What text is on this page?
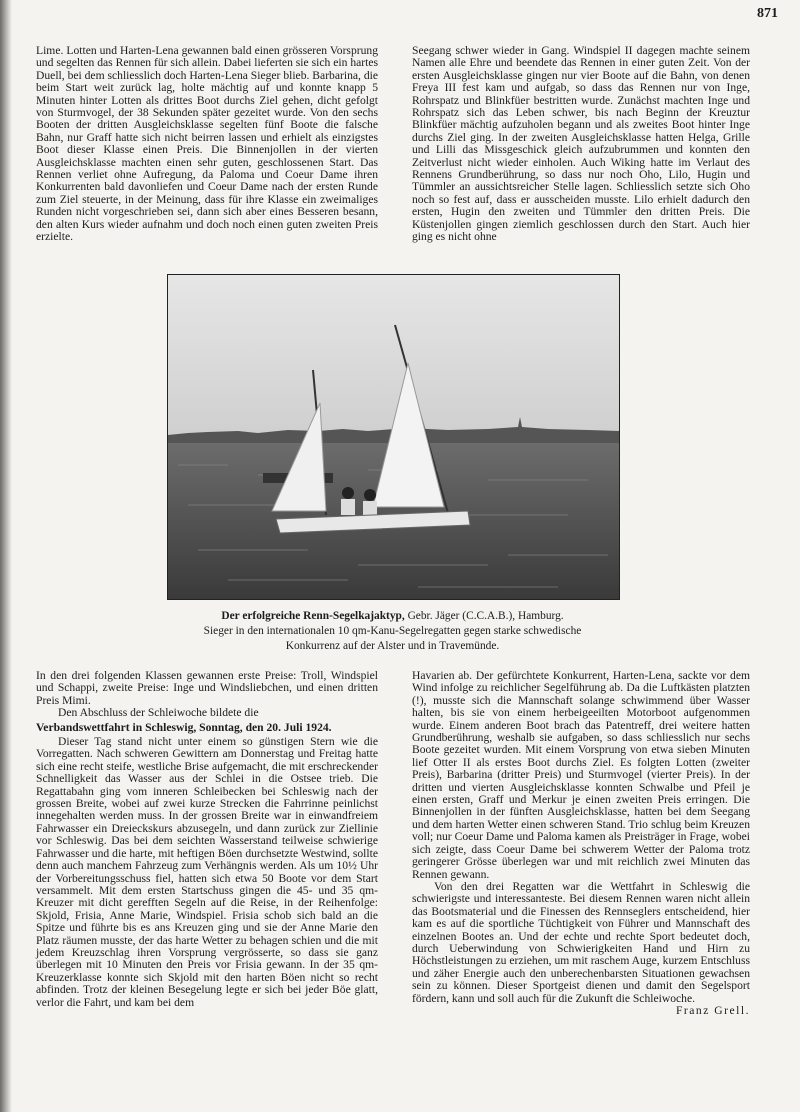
871

Lime. Lotten und Harten-Lena gewannen bald einen grösseren Vorsprung und segelten das Rennen für sich allein. Dabei lieferten sie sich ein hartes Duell, bei dem schliesslich doch Harten-Lena Sieger blieb. Barbarina, die beim Start weit zurück lag, holte mächtig auf und konnte knapp 5 Minuten hinter Lotten als drittes Boot durchs Ziel gehen, dicht gefolgt von Sturmvogel, der 38 Sekunden später gezeitet wurde. Von den sechs Booten der dritten Ausgleichsklasse segelten fünf Boote die falsche Bahn, nur Graff hatte sich nicht beirren lassen und erhielt als einzigstes Boot dieser Klasse einen Preis. Die Binnenjollen in der vierten Ausgleichsklasse machten einen sehr guten, geschlossenen Start. Das Rennen verliet ohne Aufregung, da Paloma und Coeur Dame ihren Konkurrenten bald davonliefen und Coeur Dame nach der ersten Runde zum Ziel steuerte, in der Meinung, dass für ihre Klasse ein zweimaliges Runden nicht vorgeschrieben sei, dann sich aber eines Besseren besann, den alten Kurs wieder aufnahm und doch noch einen guten zweiten Preis erzielte.

Seegang schwer wieder in Gang. Windspiel II dagegen machte seinem Namen alle Ehre und beendete das Rennen in einer guten Zeit. Von der ersten Ausgleichsklasse gingen nur vier Boote auf die Bahn, von denen Freya III fest kam und aufgab, so dass das Rennen nur von Inge, Rohrspatz und Blinkfüer bestritten wurde. Zunächst machten Inge und Rohrspatz sich das Leben schwer, bis nach Beginn der Kreuztur Blinkfüer mächtig aufzuholen begann und als zweites Boot hinter Inge durchs Ziel ging. In der zweiten Ausgleichsklasse hatten Helga, Grille und Lilli das Missgeschick gleich aufzubrummen und konnten den Zeitverlust nicht wieder einholen. Auch Wiking hatte im Verlaut des Rennens Grundberührung, so dass nur noch Oho, Lilo, Hugin und Tümmler an aussichtsreicher Stelle lagen. Schliesslich setzte sich Oho noch so fest auf, dass er ausscheiden musste. Lilo erhielt dadurch den ersten, Hugin den zweiten und Tümmler den dritten Preis. Die Küstenjollen gingen ziemlich geschlossen durch den Start. Auch hier ging es nicht ohne

Der erfolgreiche Renn-Segelkajaktyp, Gebr. Jäger (C.C.A.B.), Hamburg.
Sieger in den internationalen 10 qm-Kanu-Segelregatten gegen starke schwedische
Konkurrenz auf der Alster und in Travemünde.

In den drei folgenden Klassen gewannen erste Preise: Troll, Windspiel und Schappi, zweite Preise: Inge und Windsliebchen, und einen dritten Preis Mimi.

Den Abschluss der Schleiwoche bildete die

Verbandswettfahrt in Schleswig, Sonntag, den 20. Juli 1924.

Dieser Tag stand nicht unter einem so günstigen Stern wie die Vorregatten. Nach schweren Gewittern am Donnerstag und Freitag hatte sich eine recht steife, westliche Brise aufgemacht, die mit erschreckender Schnelligkeit das Wasser aus der Schlei in die Ostsee trieb. Die Regattabahn ging vom inneren Schleibecken bei Schleswig nach der grossen Breite, wobei auf zwei kurze Strecken die Fahrrinne peinlichst innegehalten werden muss. In der grossen Breite war in einwandfreiem Fahrwasser ein Dreieckskurs abzusegeln, und dann zurück zur Ziellinie vor Schleswig. Das bei dem seichten Wasserstand teilweise schwierige Fahrwasser und die harte, mit heftigen Böen durchsetzte Westwind, sollte denn auch manchem Fahrzeug zum Verhängnis werden. Als um 10½ Uhr der Vorbereitungsschuss fiel, hatten sich etwa 50 Boote vor dem Start versammelt. Mit dem ersten Startschuss gingen die 45- und 35 qm-Kreuzer mit dicht gerefften Segeln auf die Reise, in der Reihenfolge: Skjold, Frisia, Anne Marie, Windspiel. Frisia schob sich bald an die Spitze und führte bis es ans Kreuzen ging und sie der Anne Marie den Platz räumen musste, der das harte Wetter zu behagen schien und die mit jedem Kreuzschlag ihren Vorsprung vergrösserte, so dass sie ganz überlegen mit 10 Minuten den Preis vor Frisia gewann. In der 35 qm-Kreuzerklasse konnte sich Skjold mit den harten Böen nicht so recht abfinden. Trotz der kleinen Besegelung legte er sich bei jeder Böe glatt, verlor die Fahrt, und kam bei dem

Havarien ab. Der gefürchtete Konkurrent, Harten-Lena, sackte vor dem Wind infolge zu reichlicher Segelführung ab. Da die Luftkästen platzten (!), musste sich die Mannschaft solange schwimmend über Wasser halten, bis sie von einem herbeigeeilten Motorboot aufgenommen wurde. Einem anderen Boot brach das Patentreff, drei weitere hatten Grundberührung, weshalb sie aufgaben, so dass schliesslich nur sechs Boote gezeitet wurden. Mit einem Vorsprung von etwa sieben Minuten lief Otter II als erstes Boot durchs Ziel. Es folgten Lotten (zweiter Preis), Barbarina (dritter Preis) und Sturmvogel (vierter Preis). In der dritten und vierten Ausgleichsklasse konnten Schwalbe und Pfeil je einen ersten, Graff und Merkur je einen zweiten Preis erringen. Die Binnenjollen in der fünften Ausgleichsklasse, hatten bei dem Seegang und dem harten Wetter einen schweren Stand. Trio schlug beim Kreuzen voll; nur Coeur Dame und Paloma kamen als Preisträger in Frage, wobei sich zeigte, dass Coeur Dame bei schwerem Wetter der Paloma trotz geringerer Grösse überlegen war und mit reichlich zwei Minuten das Rennen gewann.

Von den drei Regatten war die Wettfahrt in Schleswig die schwierigste und interessanteste. Bei diesem Rennen waren nicht allein das Bootsmaterial und die Finessen des Rennseglers entscheidend, hier kam es auf die sportliche Tüchtigkeit von Führer und Mannschaft des einzelnen Bootes an. Und der echte und rechte Sport bedeutet doch, durch Ueberwindung von Schwierigkeiten Hand und Hirn zu Höchstleistungen zu erziehen, um mit raschem Auge, kurzem Entschluss und zäher Energie auch den unberechenbarsten Situationen gewachsen sein zu können. Dieser Sportgeist dienen und damit den Segelsport fördern, kann und soll auch für die Zukunft die Schleiwoche.

Franz Grell.
